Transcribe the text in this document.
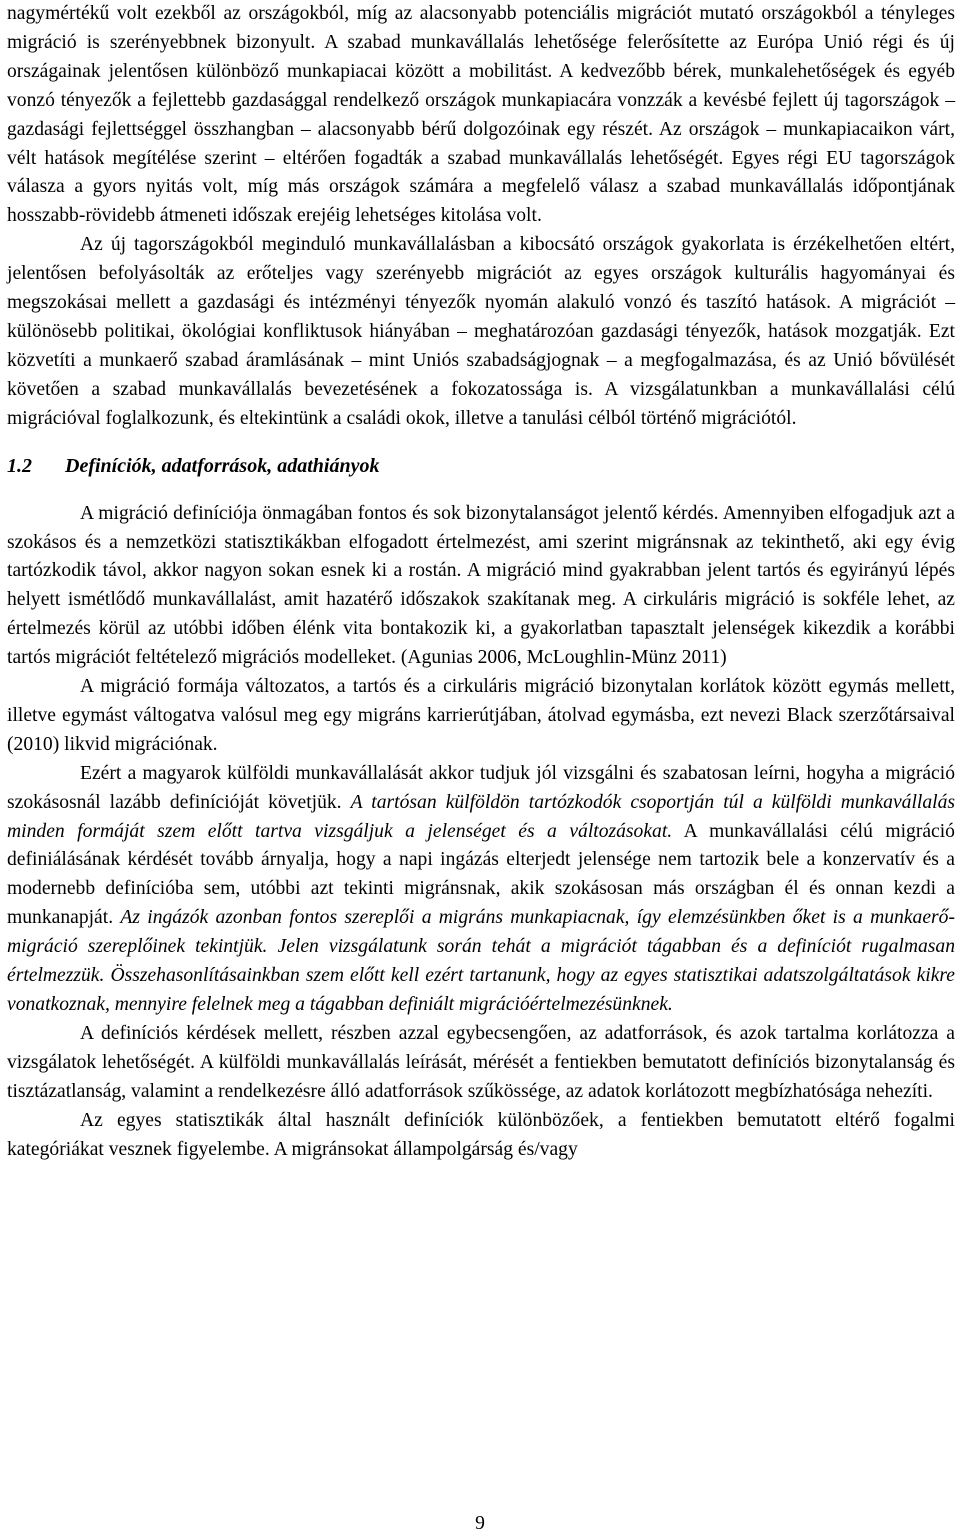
nagymértékű volt ezekből az országokból, míg az alacsonyabb potenciális migrációt mutató országokból a tényleges migráció is szerényebbnek bizonyult. A szabad munkavállalás lehetősége felerősítette az Európa Unió régi és új országainak jelentősen különböző munkapiacai között a mobilitást. A kedvezőbb bérek, munkalehetőségek és egyéb vonzó tényezők a fejlettebb gazdasággal rendelkező országok munkapiacára vonzzák a kevésbé fejlett új tagországok – gazdasági fejlettséggel összhangban – alacsonyabb bérű dolgozóinak egy részét. Az országok – munkapiacaikon várt, vélt hatások megítélése szerint – eltérően fogadták a szabad munkavállalás lehetőségét. Egyes régi EU tagországok válasza a gyors nyitás volt, míg más országok számára a megfelelő válasz a szabad munkavállalás időpontjának hosszabb-rövidebb átmeneti időszak erejéig lehetséges kitolása volt.

Az új tagországokból meginduló munkavállalásban a kibocsátó országok gyakorlata is érzékelhetően eltért, jelentősen befolyásolták az erőteljes vagy szerényebb migrációt az egyes országok kulturális hagyományai és megszokásai mellett a gazdasági és intézményi tényezők nyomán alakuló vonzó és taszító hatások. A migrációt – különösebb politikai, ökológiai konfliktusok hiányában – meghatározóan gazdasági tényezők, hatások mozgatják. Ezt közvetíti a munkaerő szabad áramlásának – mint Uniós szabadságjognak – a megfogalmazása, és az Unió bővülését követően a szabad munkavállalás bevezetésének a fokozatossága is. A vizsgálatunkban a munkavállalási célú migrációval foglalkozunk, és eltekintünk a családi okok, illetve a tanulási célból történő migrációtól.

1.2 Definíciók, adatforrások, adathiányok

A migráció definíciója önmagában fontos és sok bizonytalanságot jelentő kérdés. Amennyiben elfogadjuk azt a szokásos és a nemzetközi statisztikákban elfogadott értelmezést, ami szerint migránsnak az tekinthető, aki egy évig tartózkodik távol, akkor nagyon sokan esnek ki a rostán. A migráció mind gyakrabban jelent tartós és egyirányú lépés helyett ismétlődő munkavállalást, amit hazatérő időszakok szakítanak meg. A cirkuláris migráció is sokféle lehet, az értelmezés körül az utóbbi időben élénk vita bontakozik ki, a gyakorlatban tapasztalt jelenségek kikezdik a korábbi tartós migrációt feltételező migrációs modelleket. (Agunias 2006, McLoughlin-Münz 2011)

A migráció formája változatos, a tartós és a cirkuláris migráció bizonytalan korlátok között egymás mellett, illetve egymást váltogatva valósul meg egy migráns karrierútjában, átolvad egymásba, ezt nevezi Black szerzőtársaival (2010) likvid migrációnak.

Ezért a magyarok külföldi munkavállalását akkor tudjuk jól vizsgálni és szabatosan leírni, hogyha a migráció szokásosnál lazább definícióját követjük. A tartósan külföldön tartózkodók csoportján túl a külföldi munkavállalás minden formáját szem előtt tartva vizsgáljuk a jelenséget és a változásokat. A munkavállalási célú migráció definiálásának kérdését tovább árnyalja, hogy a napi ingázás elterjedt jelensége nem tartozik bele a konzervatív és a modernebb definícióba sem, utóbbi azt tekinti migránsnak, akik szokásosan más országban él és onnan kezdi a munkanapját. Az ingázók azonban fontos szereplői a migráns munkapiacnak, így elemzésünkben őket is a munkaerő-migráció szereplőinek tekintjük. Jelen vizsgálatunk során tehát a migrációt tágabban és a definíciót rugalmasan értelmezzük. Összehasonlításainkban szem előtt kell ezért tartanunk, hogy az egyes statisztikai adatszolgáltatások kikre vonatkoznak, mennyire felelnek meg a tágabban definiált migrációértelmezésünknek.

A definíciós kérdések mellett, részben azzal egybecsengően, az adatforrások, és azok tartalma korlátozza a vizsgálatok lehetőségét. A külföldi munkavállalás leírását, mérését a fentiekben bemutatott definíciós bizonytalanság és tisztázatlanság, valamint a rendelkezésre álló adatforrások szűkössége, az adatok korlátozott megbízhatósága nehezíti.

Az egyes statisztikák által használt definíciók különbözőek, a fentiekben bemutatott eltérő fogalmi kategóriákat vesznek figyelembe. A migránsokat állampolgárság és/vagy

9
